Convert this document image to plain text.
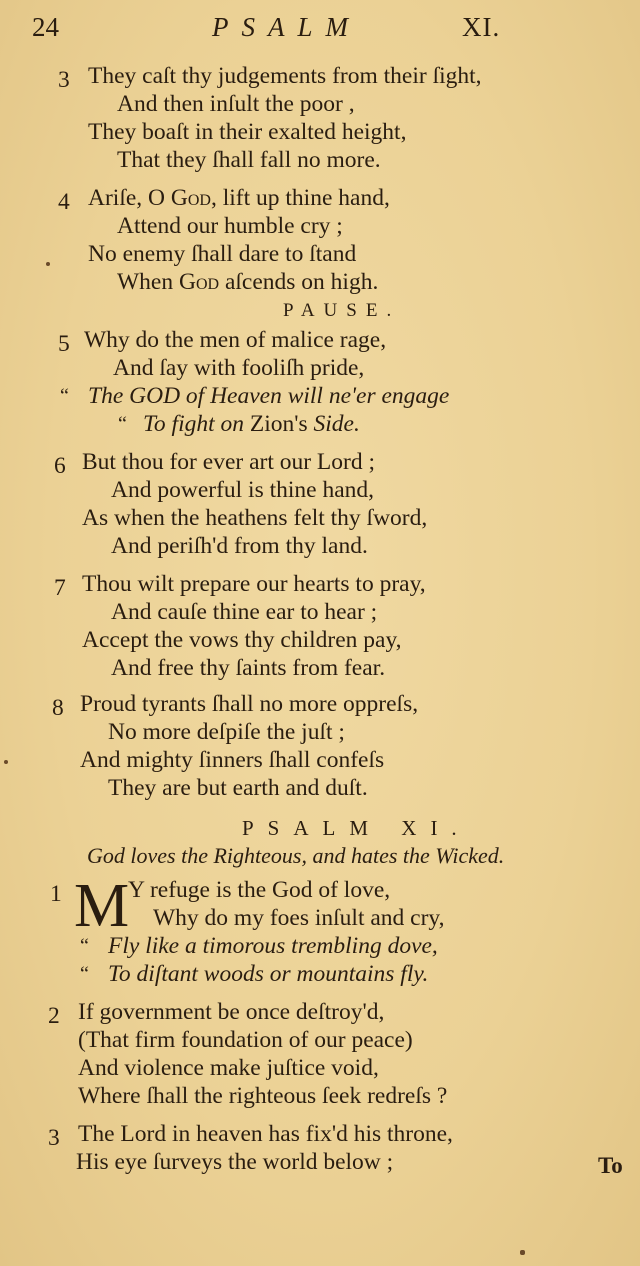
24	PSALM	XI.
3 They caſt thy judgements from their ſight,
And then inſult the poor ,
They boaſt in their exalted height,
That they ſhall fall no more.
4 Ariſe, O God, lift up thine hand,
Attend our humble cry ;
No enemy ſhall dare to ſtand
When God aſcends on high.
PAUSE.
5 Why do the men of malice rage,
And ſay with fooliſh pride,
“ The GOD of Heaven will ne'er engage
“ To fight on Zion's Side.
6 But thou for ever art our Lord ;
And powerful is thine hand,
As when the heathens felt thy ſword,
And periſh'd from thy land.
7 Thou wilt prepare our hearts to pray,
And cauſe thine ear to hear ;
Accept the vows thy children pay,
And free thy ſaints from fear.
8 Proud tyrants ſhall no more oppreſs,
No more deſpiſe the juſt ;
And mighty ſinners ſhall confeſs
They are but earth and duſt.
PSALM XI.
God loves the Righteous, and hates the Wicked.
1 M
Y refuge is the God of love,
Why do my foes inſult and cry,
“ Fly like a timorous trembling dove,
“ To diſtant woods or mountains fly.
2 If government be once deſtroy'd,
(That firm foundation of our peace)
And violence make juſtice void,
Where ſhall the righteous ſeek redreſs ?
3 The Lord in heaven has fix'd his throne,
His eye ſurveys the world below ;	To
